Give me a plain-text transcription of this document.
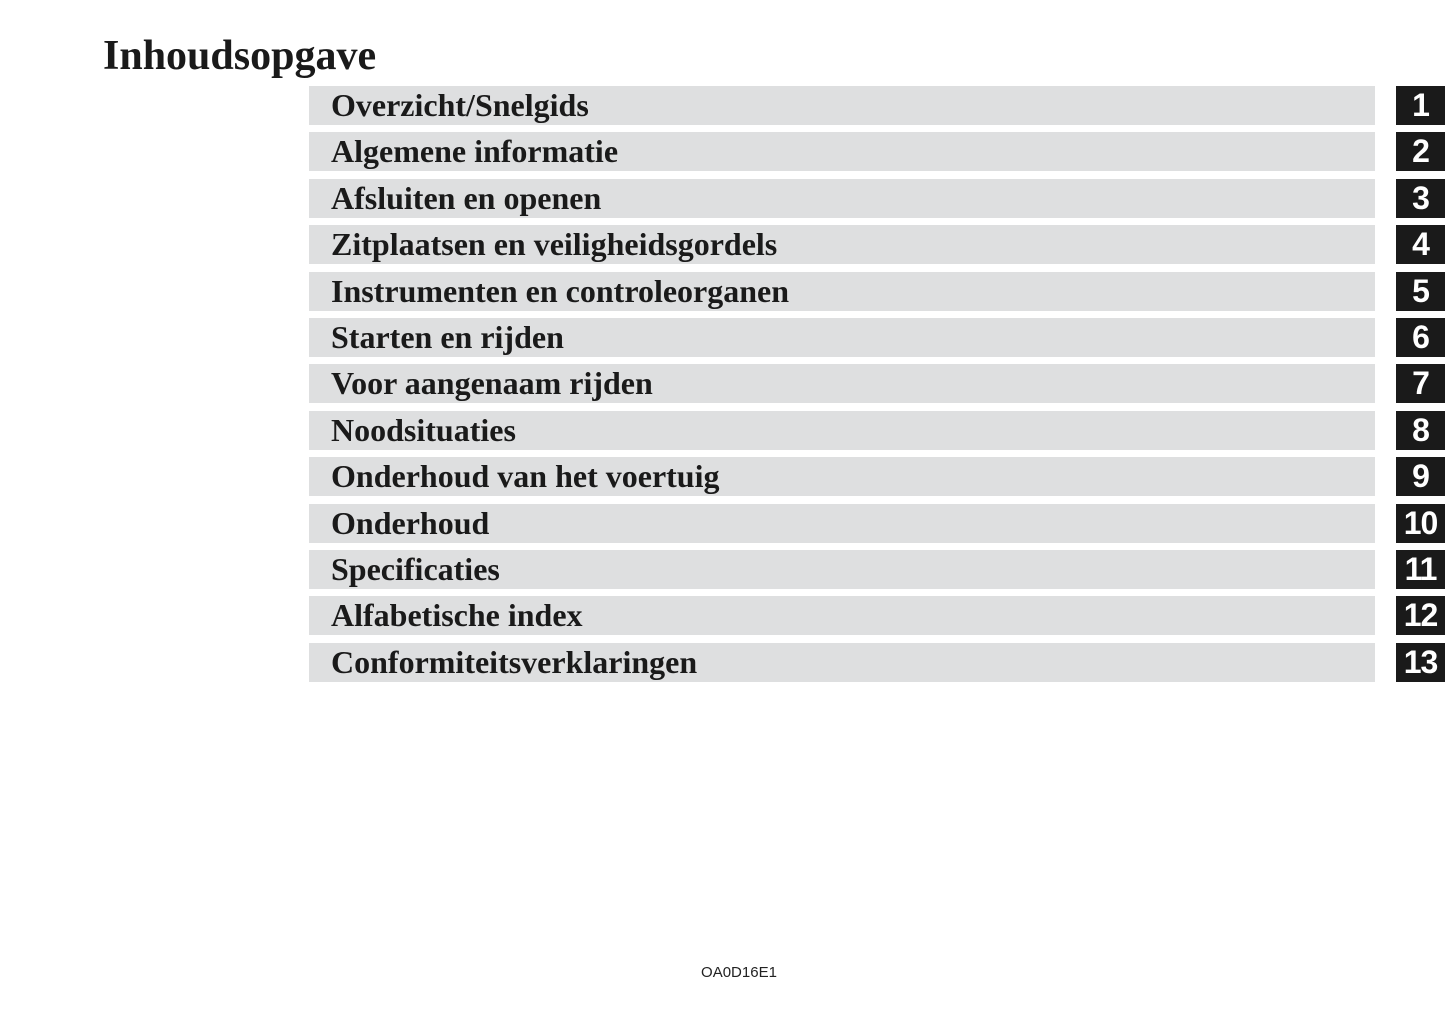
Inhoudsopgave
Overzicht/Snelgids	1
Algemene informatie	2
Afsluiten en openen	3
Zitplaatsen en veiligheidsgordels	4
Instrumenten en controleorganen	5
Starten en rijden	6
Voor aangenaam rijden	7
Noodsituaties	8
Onderhoud van het voertuig	9
Onderhoud	10
Specificaties	11
Alfabetische index	12
Conformiteitsverklaringen	13
OA0D16E1
